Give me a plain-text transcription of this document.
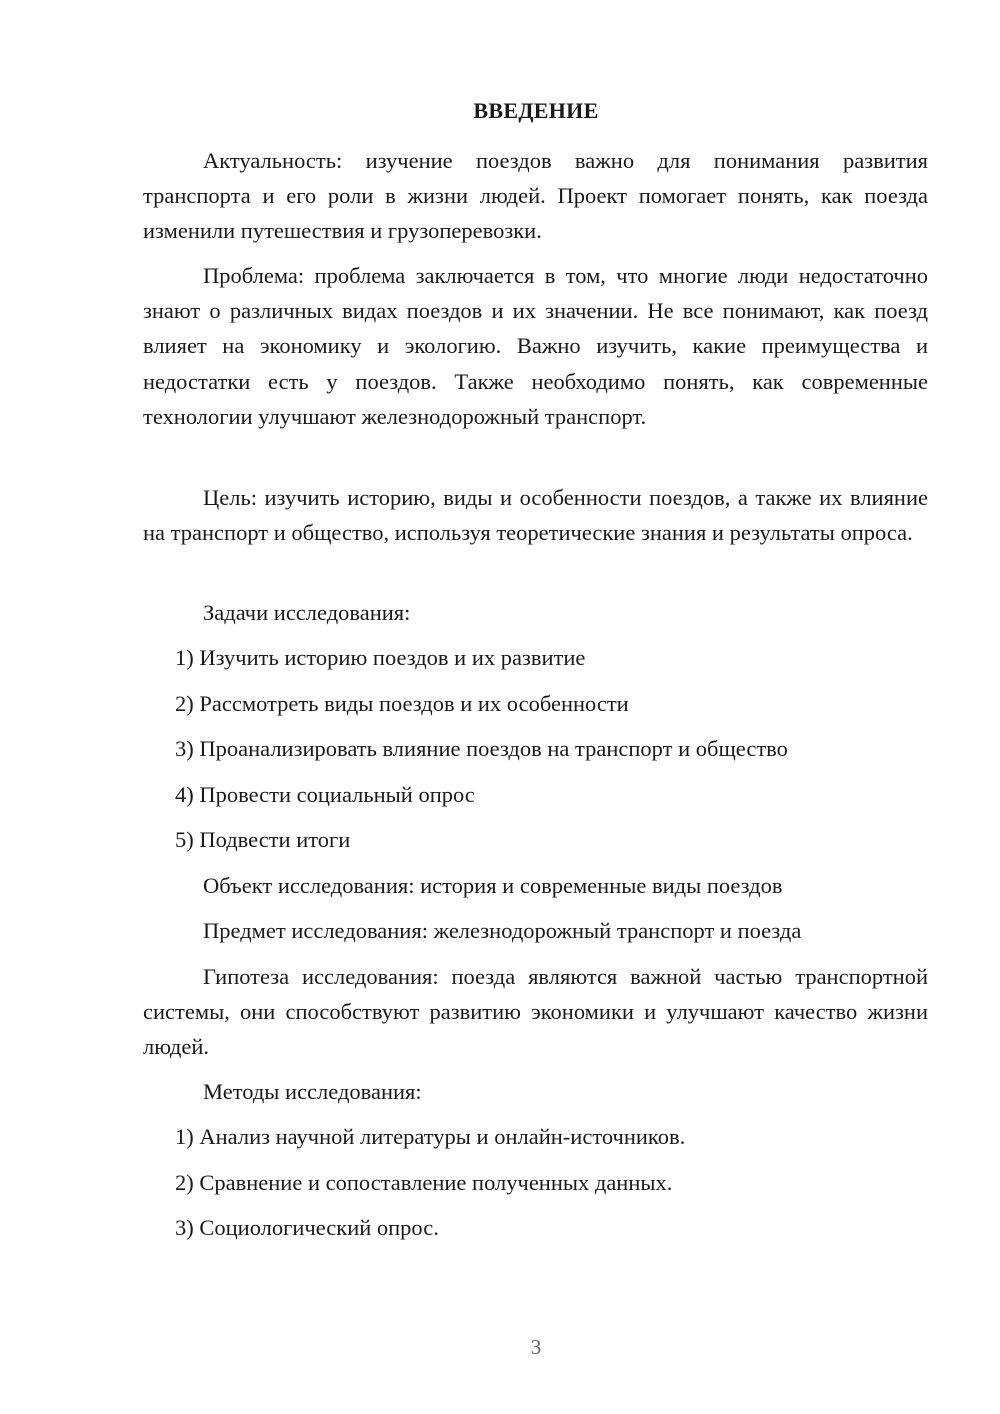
ВВЕДЕНИЕ

Актуальность: изучение поездов важно для понимания развития транспорта и его роли в жизни людей. Проект помогает понять, как поезда изменили путешествия и грузоперевозки.

Проблема: проблема заключается в том, что многие люди недостаточно знают о различных видах поездов и их значении. Не все понимают, как поезд влияет на экономику и экологию. Важно изучить, какие преимущества и недостатки есть у поездов. Также необходимо понять, как современные технологии улучшают железнодорожный транспорт.

Цель: изучить историю, виды и особенности поездов, а также их влияние на транспорт и общество, используя теоретические знания и результаты опроса.

Задачи исследования:
1) Изучить историю поездов и их развитие
2) Рассмотреть виды поездов и их особенности
3) Проанализировать влияние поездов на транспорт и общество
4) Провести социальный опрос
5) Подвести итоги
Объект исследования: история и современные виды поездов
Предмет исследования: железнодорожный транспорт и поезда

Гипотеза исследования: поезда являются важной частью транспортной системы, они способствуют развитию экономики и улучшают качество жизни людей.

Методы исследования:
1) Анализ научной литературы и онлайн-источников.
2) Сравнение и сопоставление полученных данных.
3) Социологический опрос.
3
